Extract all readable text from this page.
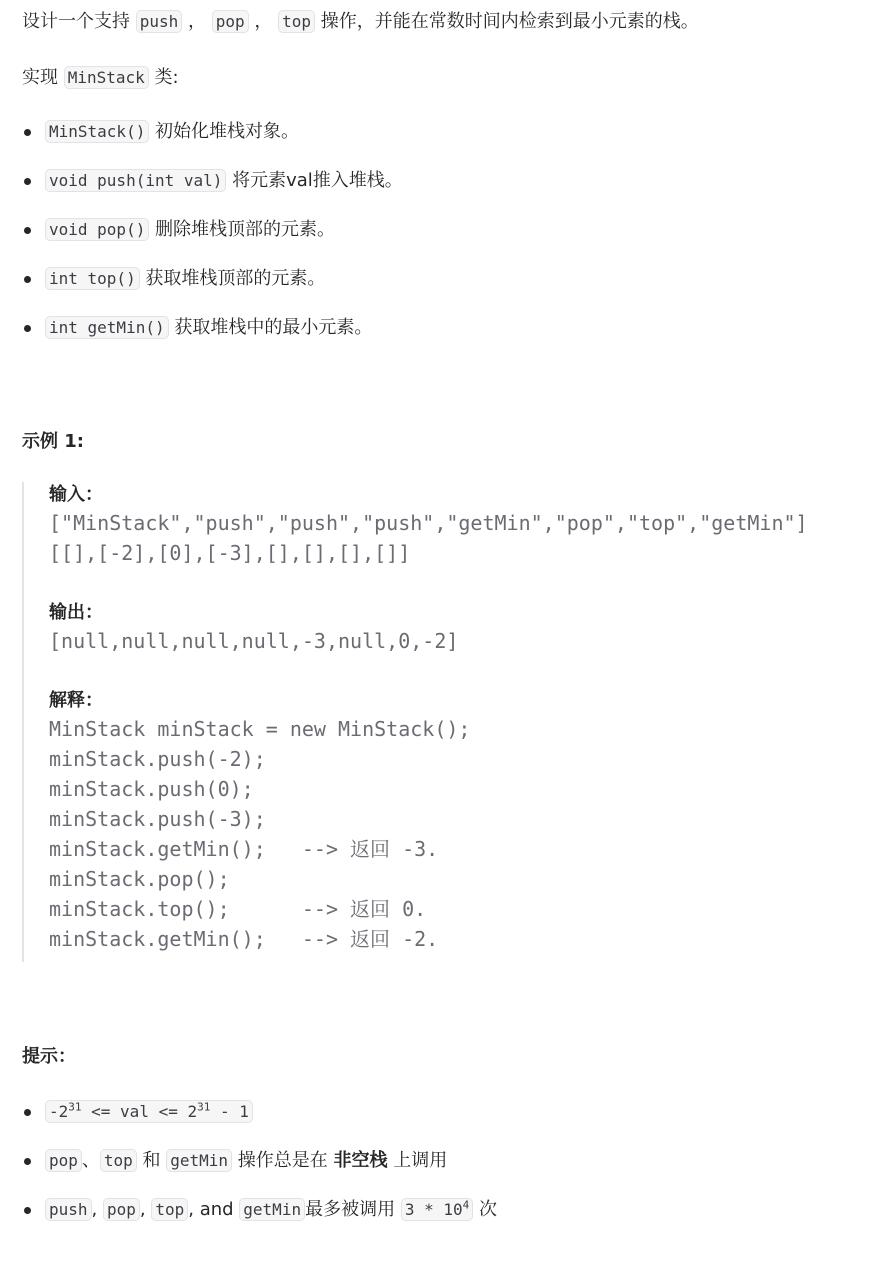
设计一个支持 push ， pop ， top 操作，并能在常数时间内检索到最小元素的栈。

实现 MinStack 类:

MinStack() 初始化堆栈对象。
void push(int val) 将元素val推入堆栈。
void pop() 删除堆栈顶部的元素。
int top() 获取堆栈顶部的元素。
int getMin() 获取堆栈中的最小元素。

示例 1:

输入：
["MinStack","push","push","push","getMin","pop","top","getMin"]
[[],[-2],[0],[-3],[],[],[],[]]
输出：
[null,null,null,null,-3,null,0,-2]
解释：
MinStack minStack = new MinStack();
minStack.push(-2);
minStack.push(0);
minStack.push(-3);
minStack.getMin();   --> 返回 -3.
minStack.pop();
minStack.top();      --> 返回 0.
minStack.getMin();   --> 返回 -2.

提示：

$-2^{31}$ <= val <= $2^{31} - 1$
pop 、 top 和 getMin 操作总是在 非空栈 上调用
push , pop , top , and getMin 最多被调用 $3 * 10^4$ 次
